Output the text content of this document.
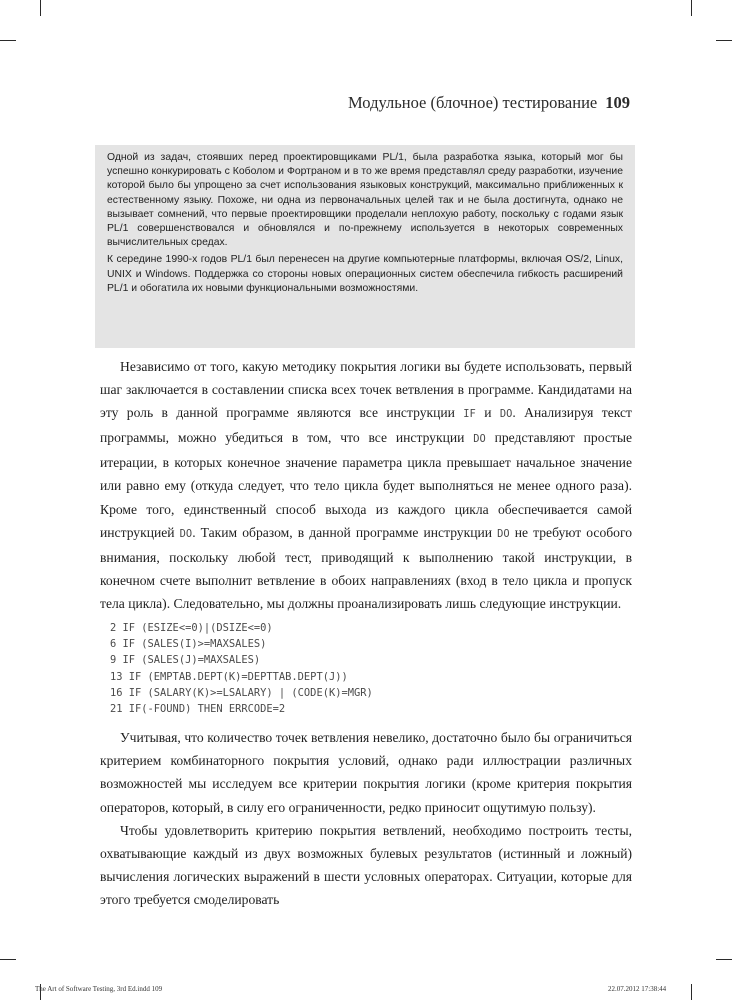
Модульное (блочное) тестирование 109

Одной из задач, стоявших перед проектировщиками PL/1, была разработка языка, который мог бы успешно конкурировать с Коболом и Фортраном и в то же время представлял среду разработки, изучение которой было бы упрощено за счет использования языковых конструкций, максимально приближенных к естественному языку. Похоже, ни одна из первоначальных целей так и не была достигнута, однако не вызывает сомнений, что первые проектировщики проделали неплохую работу, поскольку с годами язык PL/1 совершенствовался и обновлялся и по-прежнему используется в некоторых современных вычислительных средах.

К середине 1990-х годов PL/1 был перенесен на другие компьютерные платформы, включая OS/2, Linux, UNIX и Windows. Поддержка со стороны новых операционных систем обеспечила гибкость расширений PL/1 и обогатила их новыми функциональными возможностями.

Независимо от того, какую методику покрытия логики вы будете использовать, первый шаг заключается в составлении списка всех точек ветвления в программе. Кандидатами на эту роль в данной программе являются все инструкции IF и DO. Анализируя текст программы, можно убедиться в том, что все инструкции DO представляют простые итерации, в которых конечное значение параметра цикла превышает начальное значение или равно ему (откуда следует, что тело цикла будет выполняться не менее одного раза). Кроме того, единственный способ выхода из каждого цикла обеспечивается самой инструкцией DO. Таким образом, в данной программе инструкции DO не требуют особого внимания, поскольку любой тест, приводящий к выполнению такой инструкции, в конечном счете выполнит ветвление в обоих направлениях (вход в тело цикла и пропуск тела цикла). Следовательно, мы должны проанализировать лишь следующие инструкции.

2 IF (ESIZE<=0)|(DSIZE<=0)
6 IF (SALES(I)>=MAXSALES)
9 IF (SALES(J)=MAXSALES)
13 IF (EMPTAB.DEPT(K)=DEPTTAB.DEPT(J))
16 IF (SALARY(K)>=LSALARY) | (CODE(K)=MGR)
21 IF(-FOUND) THEN ERRCODE=2

Учитывая, что количество точек ветвления невелико, достаточно было бы ограничиться критерием комбинаторного покрытия условий, однако ради иллюстрации различных возможностей мы исследуем все критерии покрытия логики (кроме критерия покрытия операторов, который, в силу его ограниченности, редко приносит ощутимую пользу).

Чтобы удовлетворить критерию покрытия ветвлений, необходимо построить тесты, охватывающие каждый из двух возможных булевых результатов (истинный и ложный) вычисления логических выражений в шести условных операторах. Ситуации, которые для этого требуется смоделировать

The Art of Software Testing, 3rd Ed.indd 109	22.07.2012 17:38:44
